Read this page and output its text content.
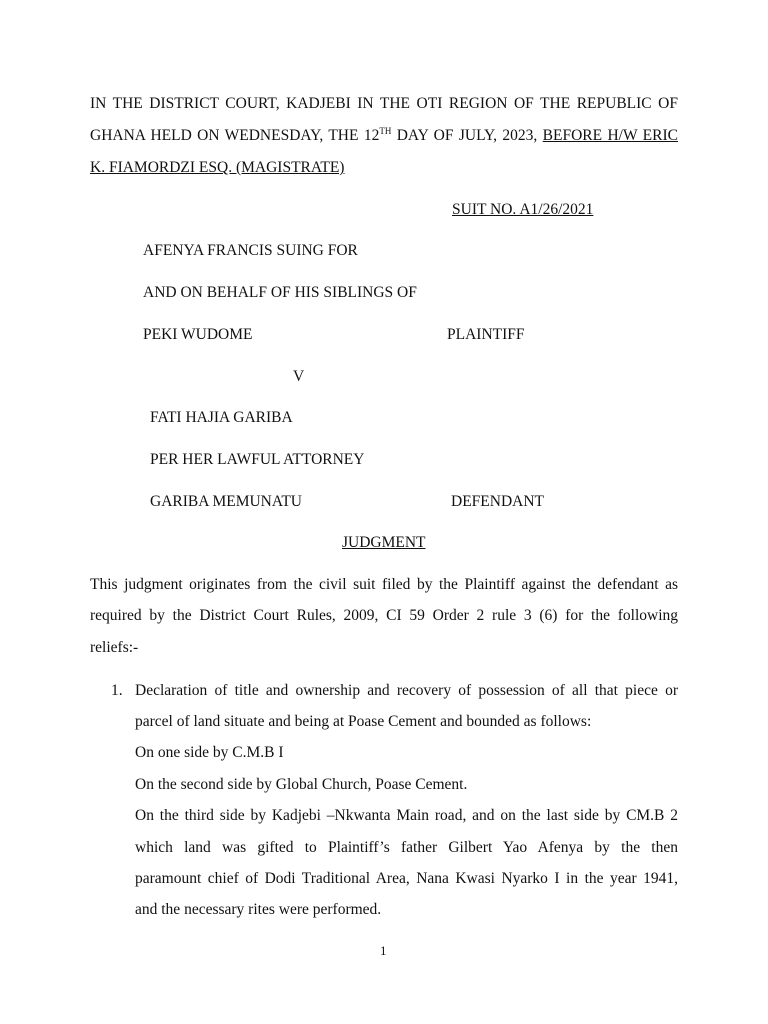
IN THE DISTRICT COURT, KADJEBI IN THE OTI REGION OF THE REPUBLIC OF
GHANA HELD ON WEDNESDAY, THE 12TH DAY OF JULY, 2023, BEFORE H/W ERIC
K. FIAMORDZI ESQ. (MAGISTRATE)
SUIT NO. A1/26/2021
AFENYA FRANCIS SUING FOR
AND ON BEHALF OF HIS SIBLINGS OF
PEKI WUDOME	PLAINTIFF
V
FATI HAJIA GARIBA
PER HER LAWFUL ATTORNEY
GARIBA MEMUNATU	DEFENDANT
JUDGMENT
This judgment originates from the civil suit filed by the Plaintiff against the defendant as
required by the District Court Rules, 2009, CI 59 Order 2 rule 3 (6) for the following
reliefs:-
1. Declaration of title and ownership and recovery of possession of all that piece or
parcel of land situate and being at Poase Cement and bounded as follows:
On one side by C.M.B I
On the second side by Global Church, Poase Cement.
On the third side by Kadjebi –Nkwanta Main road, and on the last side by CM.B 2
which land was gifted to Plaintiff’s father Gilbert Yao Afenya by the then
paramount chief of Dodi Traditional Area, Nana Kwasi Nyarko I in the year 1941,
and the necessary rites were performed.
1
